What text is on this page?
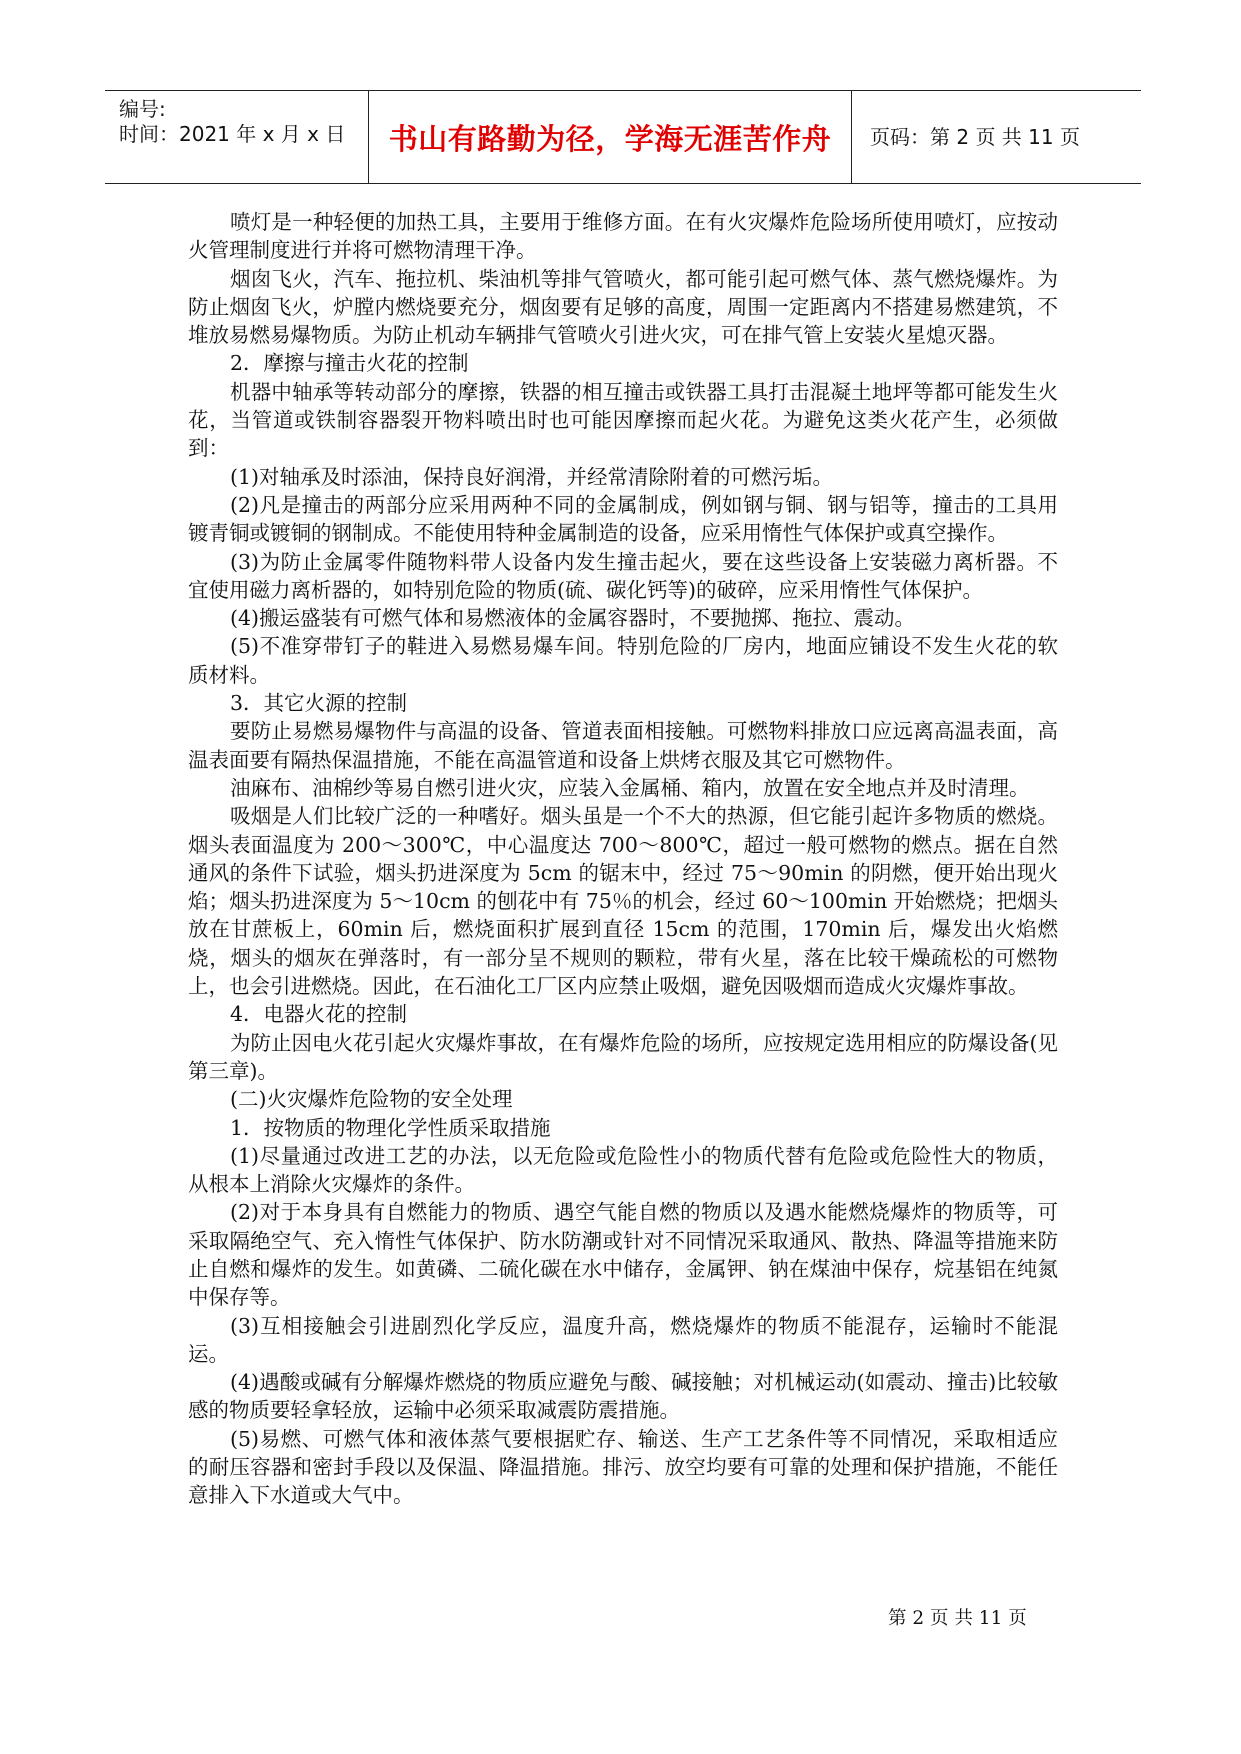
编号:
时间：2021 年 x 月 x 日 书山有路勤为径，学海无涯苦作舟 页码：第 2 页 共 11 页

喷灯是一种轻便的加热工具，主要用于维修方面。在有火灾爆炸危险场所使用喷灯，应按动火管理制度进行并将可燃物清理干净。

烟囱飞火，汽车、拖拉机、柴油机等排气管喷火，都可能引起可燃气体、蒸气燃烧爆炸。为防止烟囱飞火，炉膛内燃烧要充分，烟囱要有足够的高度，周围一定距离内不搭建易燃建筑，不堆放易燃易爆物质。为防止机动车辆排气管喷火引进火灾，可在排气管上安装火星熄灭器。

2．摩擦与撞击火花的控制

机器中轴承等转动部分的摩擦，铁器的相互撞击或铁器工具打击混凝土地坪等都可能发生火花，当管道或铁制容器裂开物料喷出时也可能因摩擦而起火花。为避免这类火花产生，必须做到：

(1)对轴承及时添油，保持良好润滑，并经常清除附着的可燃污垢。

(2)凡是撞击的两部分应采用两种不同的金属制成，例如钢与铜、钢与铝等，撞击的工具用镀青铜或镀铜的钢制成。不能使用特种金属制造的设备，应采用惰性气体保护或真空操作。

(3)为防止金属零件随物料带人设备内发生撞击起火，要在这些设备上安装磁力离析器。不宜使用磁力离析器的，如特别危险的物质(硫、碳化钙等)的破碎，应采用惰性气体保护。

(4)搬运盛装有可燃气体和易燃液体的金属容器时，不要抛掷、拖拉、震动。

(5)不准穿带钉子的鞋进入易燃易爆车间。特别危险的厂房内，地面应铺设不发生火花的软质材料。

3．其它火源的控制

要防止易燃易爆物件与高温的设备、管道表面相接触。可燃物料排放口应远离高温表面，高温表面要有隔热保温措施，不能在高温管道和设备上烘烤衣服及其它可燃物件。

油麻布、油棉纱等易自燃引进火灾，应装入金属桶、箱内，放置在安全地点并及时清理。

吸烟是人们比较广泛的一种嗜好。烟头虽是一个不大的热源，但它能引起许多物质的燃烧。烟头表面温度为 200～300℃，中心温度达 700～800℃，超过一般可燃物的燃点。据在自然通风的条件下试验，烟头扔进深度为 5cm 的锯末中，经过 75～90min 的阴燃，便开始出现火焰；烟头扔进深度为 5～10cm 的刨花中有 75％的机会，经过 60～100min 开始燃烧；把烟头放在甘蔗板上，60min 后，燃烧面积扩展到直径 15cm 的范围，170min 后，爆发出火焰燃烧，烟头的烟灰在弹落时，有一部分呈不规则的颗粒，带有火星，落在比较干燥疏松的可燃物上，也会引进燃烧。因此，在石油化工厂区内应禁止吸烟，避免因吸烟而造成火灾爆炸事故。

4．电器火花的控制

为防止因电火花引起火灾爆炸事故，在有爆炸危险的场所，应按规定选用相应的防爆设备(见第三章)。

(二)火灾爆炸危险物的安全处理

1．按物质的物理化学性质采取措施

(1)尽量通过改进工艺的办法，以无危险或危险性小的物质代替有危险或危险性大的物质，从根本上消除火灾爆炸的条件。

(2)对于本身具有自燃能力的物质、遇空气能自燃的物质以及遇水能燃烧爆炸的物质等，可采取隔绝空气、充入惰性气体保护、防水防潮或针对不同情况采取通风、散热、降温等措施来防止自燃和爆炸的发生。如黄磷、二硫化碳在水中储存，金属钾、钠在煤油中保存，烷基铝在纯氮中保存等。

(3)互相接触会引进剧烈化学反应，温度升高，燃烧爆炸的物质不能混存，运输时不能混运。

(4)遇酸或碱有分解爆炸燃烧的物质应避免与酸、碱接触；对机械运动(如震动、撞击)比较敏感的物质要轻拿轻放，运输中必须采取减震防震措施。

(5)易燃、可燃气体和液体蒸气要根据贮存、输送、生产工艺条件等不同情况，采取相适应的耐压容器和密封手段以及保温、降温措施。排污、放空均要有可靠的处理和保护措施，不能任意排入下水道或大气中。

第 2 页 共 11 页
